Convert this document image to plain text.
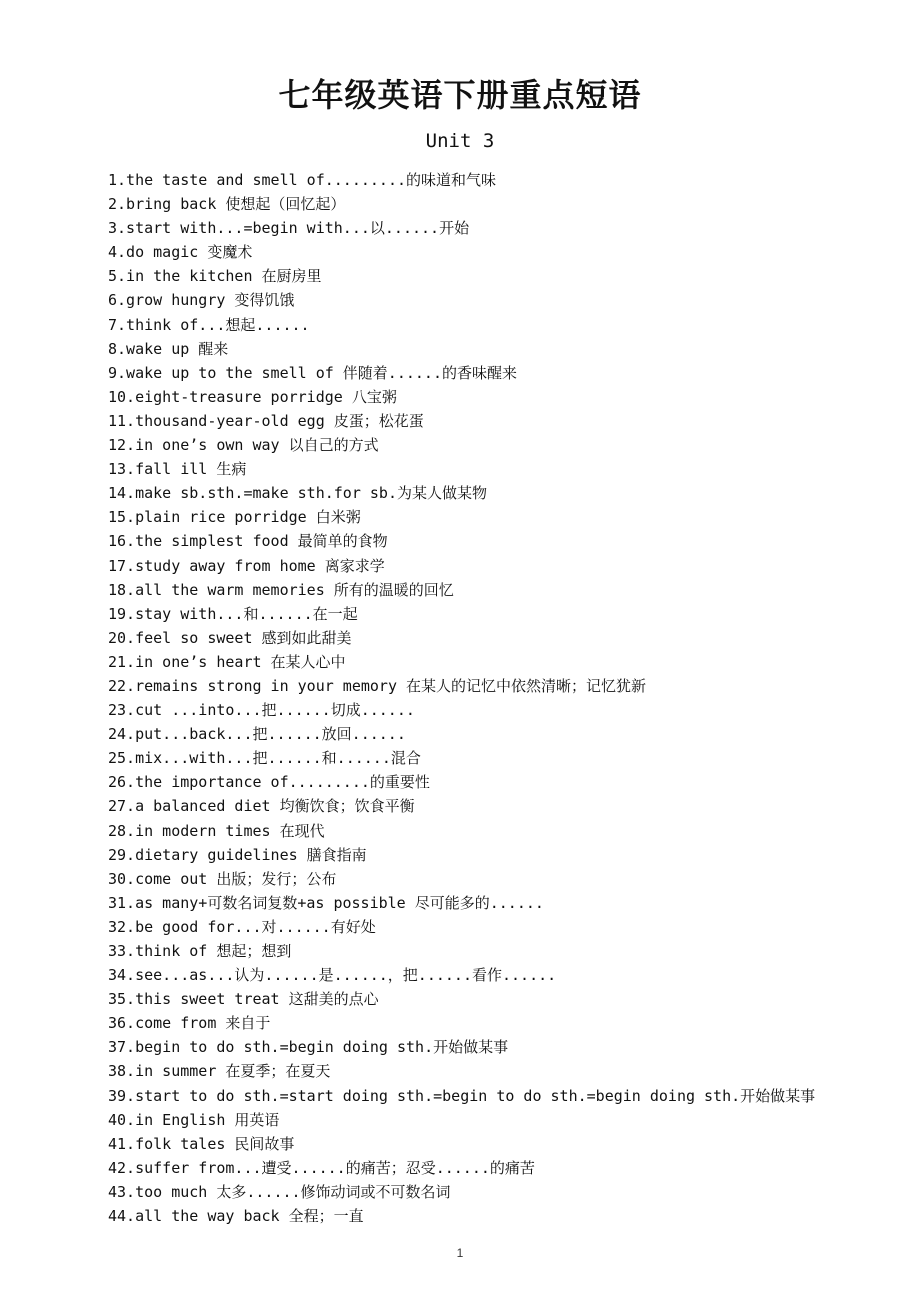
七年级英语下册重点短语
Unit 3
1.the taste and smell of.........的味道和气味
2.bring back 使想起（回忆起）
3.start with...=begin with...以......开始
4.do magic 变魔术
5.in the kitchen 在厨房里
6.grow hungry 变得饥饿
7.think of...想起......
8.wake up 醒来
9.wake up to the smell of 伴随着......的香味醒来
10.eight-treasure porridge 八宝粥
11.thousand-year-old egg 皮蛋；松花蛋
12.in one’s own way 以自己的方式
13.fall ill 生病
14.make sb.sth.=make sth.for sb.为某人做某物
15.plain rice porridge 白米粥
16.the simplest food 最简单的食物
17.study away from home 离家求学
18.all the warm memories 所有的温暖的回忆
19.stay with...和......在一起
20.feel so sweet 感到如此甜美
21.in one’s heart 在某人心中
22.remains strong in your memory 在某人的记忆中依然清晰；记忆犹新
23.cut ...into...把......切成......
24.put...back...把......放回......
25.mix...with...把......和......混合
26.the importance of.........的重要性
27.a balanced diet 均衡饮食；饮食平衡
28.in modern times 在现代
29.dietary guidelines 膳食指南
30.come out 出版；发行；公布
31.as many+可数名词复数+as possible 尽可能多的......
32.be good for...对......有好处
33.think of 想起；想到
34.see...as...认为......是......，把......看作......
35.this sweet treat 这甜美的点心
36.come from 来自于
37.begin to do sth.=begin doing sth.开始做某事
38.in summer 在夏季；在夏天
39.start to do sth.=start doing sth.=begin to do sth.=begin doing sth.开始做某事
40.in English 用英语
41.folk tales 民间故事
42.suffer from...遭受......的痛苦；忍受......的痛苦
43.too much 太多......修饰动词或不可数名词
44.all the way back 全程；一直
1
